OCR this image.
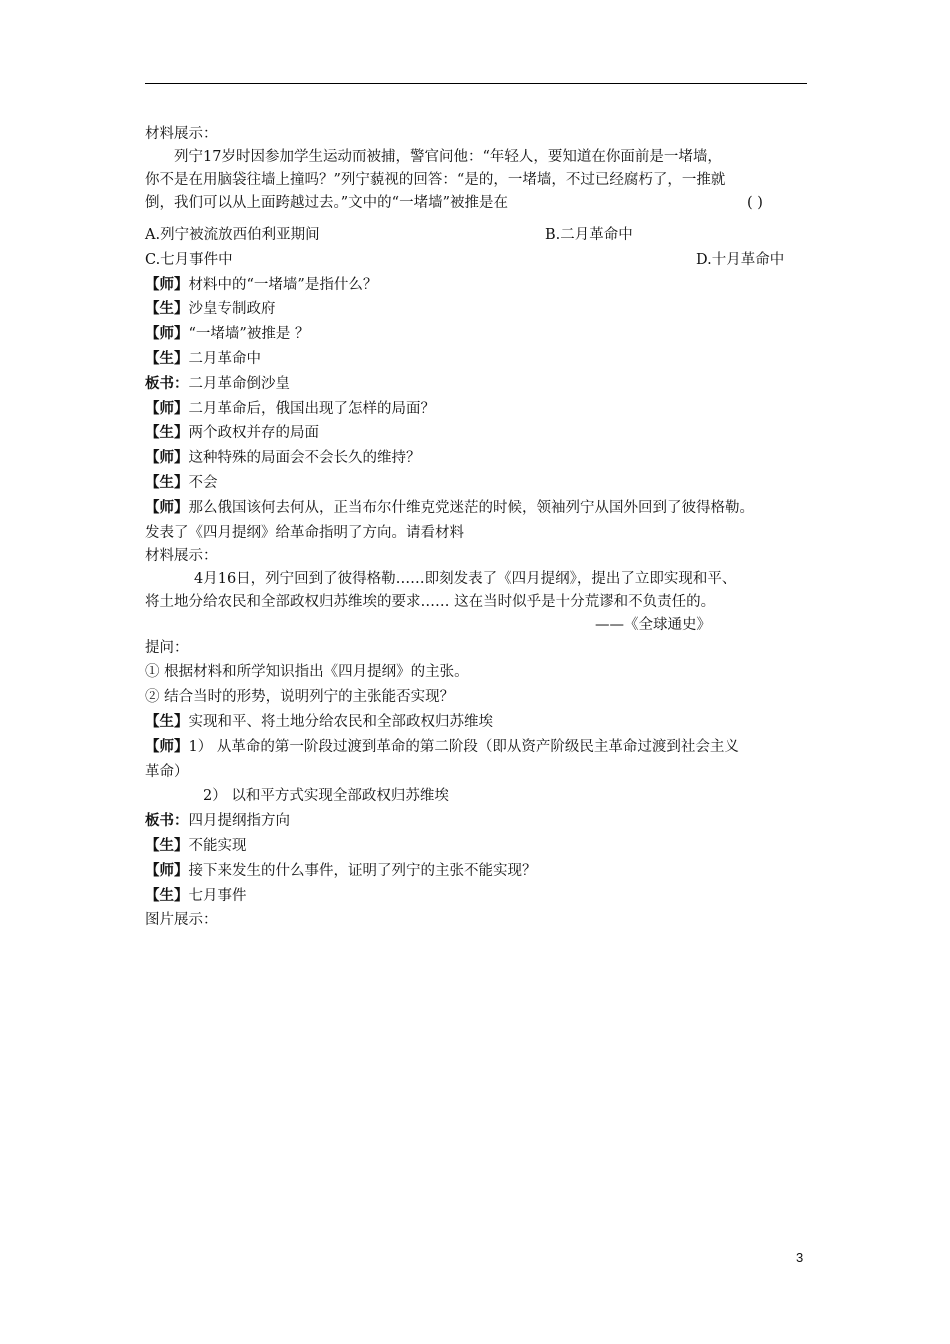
材料展示：
列宁17岁时因参加学生运动而被捕，警官问他：“年轻人，要知道在你面前是一堵墙，
你不是在用脑袋往墙上撞吗？”列宁藐视的回答：“是的，一堵墙，不过已经腐朽了，一推就
倒，我们可以从上面跨越过去。”文中的“一堵墙”被推是在	( )
A.列宁被流放西伯利亚期间	B.二月革命中
C.七月事件中	D.十月革命中
【师】材料中的“一堵墙”是指什么？
【生】沙皇专制政府
【师】“一堵墙”被推是 ？
【生】二月革命中
板书：二月革命倒沙皇
【师】二月革命后，俄国出现了怎样的局面？
【生】两个政权并存的局面
【师】这种特殊的局面会不会长久的维持？
【生】不会
【师】那么俄国该何去何从，正当布尔什维克党迷茫的时候，领袖列宁从国外回到了彼得格勒。
发表了《四月提纲》给革命指明了方向。请看材料
材料展示：
4月16日，列宁回到了彼得格勒……即刻发表了《四月提纲》，提出了立即实现和平、
将土地分给农民和全部政权归苏维埃的要求…… 这在当时似乎是十分荒谬和不负责任的。
——《全球通史》
提问：
① 根据材料和所学知识指出《四月提纲》的主张。
② 结合当时的形势，说明列宁的主张能否实现？
【生】实现和平、将土地分给农民和全部政权归苏维埃
【师】1） 从革命的第一阶段过渡到革命的第二阶段（即从资产阶级民主革命过渡到社会主义
革命）
2） 以和平方式实现全部政权归苏维埃
板书：四月提纲指方向
【生】不能实现
【师】接下来发生的什么事件，证明了列宁的主张不能实现？
【生】七月事件
图片展示：
3
